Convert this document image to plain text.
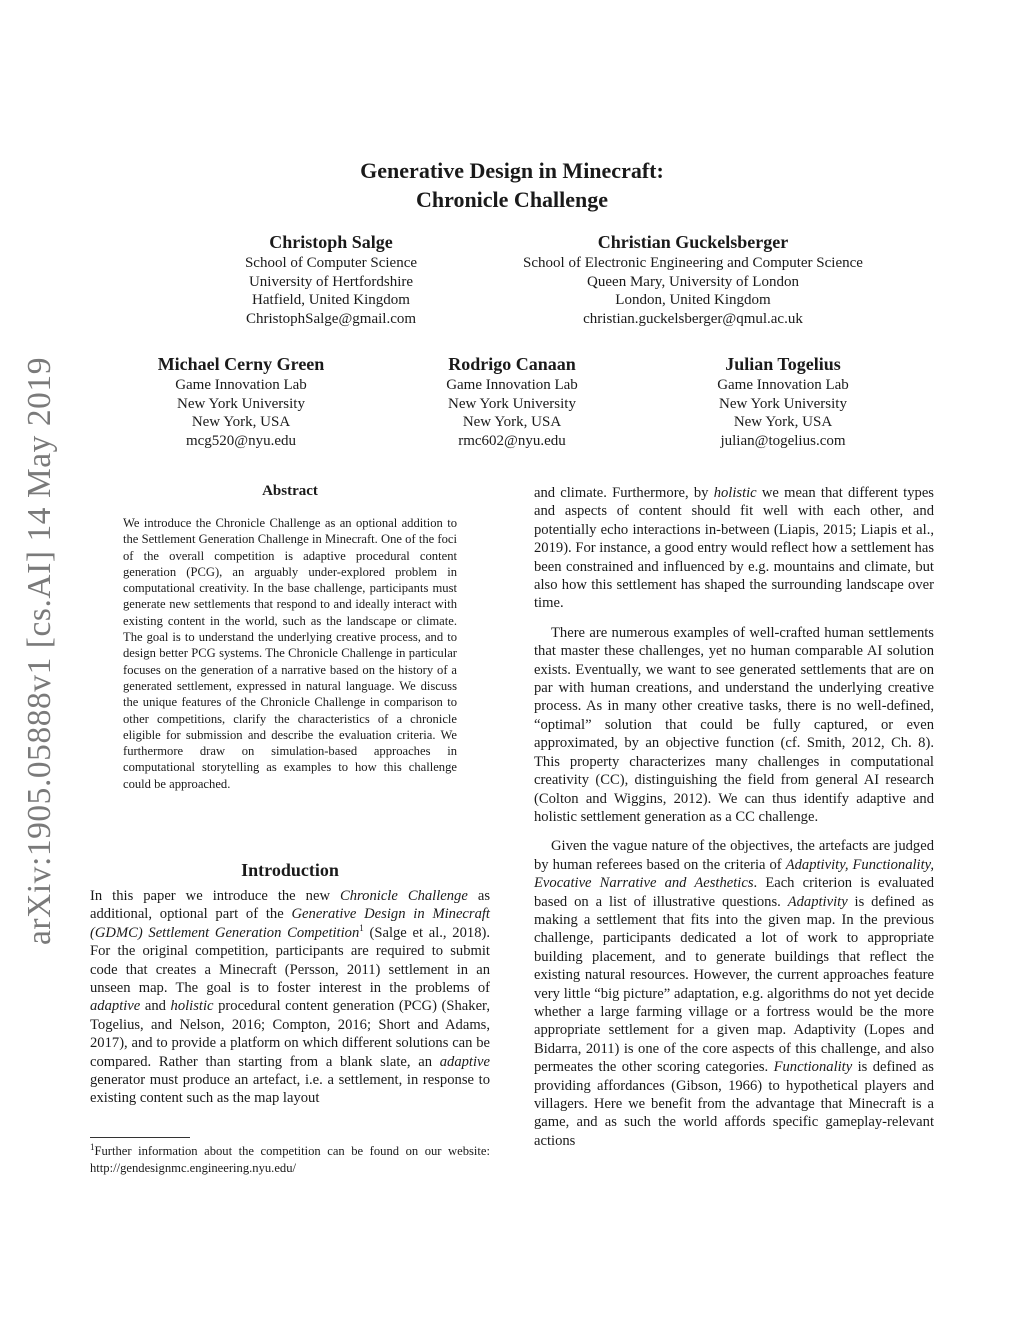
arXiv:1905.05888v1 [cs.AI] 14 May 2019
Generative Design in Minecraft:
Chronicle Challenge
Christoph Salge
School of Computer Science
University of Hertfordshire
Hatfield, United Kingdom
ChristophSalge@gmail.com
Christian Guckelsberger
School of Electronic Engineering and Computer Science
Queen Mary, University of London
London, United Kingdom
christian.guckelsberger@qmul.ac.uk
Michael Cerny Green
Game Innovation Lab
New York University
New York, USA
mcg520@nyu.edu
Rodrigo Canaan
Game Innovation Lab
New York University
New York, USA
rmc602@nyu.edu
Julian Togelius
Game Innovation Lab
New York University
New York, USA
julian@togelius.com
Abstract

We introduce the Chronicle Challenge as an optional addition to the Settlement Generation Challenge in Minecraft. One of the foci of the overall competition is adaptive procedural content generation (PCG), an arguably under-explored problem in computational creativity. In the base challenge, participants must generate new settlements that respond to and ideally interact with existing content in the world, such as the landscape or climate. The goal is to understand the underlying creative process, and to design better PCG systems. The Chronicle Challenge in particular focuses on the generation of a narrative based on the history of a generated settlement, expressed in natural language. We discuss the unique features of the Chronicle Challenge in comparison to other competitions, clarify the characteristics of a chronicle eligible for submission and describe the evaluation criteria. We furthermore draw on simulation-based approaches in computational storytelling as examples to how this challenge could be approached.

Introduction

In this paper we introduce the new Chronicle Challenge as additional, optional part of the Generative Design in Minecraft (GDMC) Settlement Generation Competition$^1$ (Salge et al., 2018). For the original competition, participants are required to submit code that creates a Minecraft (Persson, 2011) settlement in an unseen map. The goal is to foster interest in the problems of adaptive and holistic procedural content generation (PCG) (Shaker, Togelius, and Nelson, 2016; Compton, 2016; Short and Adams, 2017), and to provide a platform on which different solutions can be compared. Rather than starting from a blank slate, an adaptive generator must produce an artefact, i.e. a settlement, in response to existing content such as the map layout

$^1$Further information about the competition can be found on our website: http://gendesignmc.engineering.nyu.edu/

and climate. Furthermore, by holistic we mean that different types and aspects of content should fit well with each other, and potentially echo interactions in-between (Liapis, 2015; Liapis et al., 2019). For instance, a good entry would reflect how a settlement has been constrained and influenced by e.g. mountains and climate, but also how this settlement has shaped the surrounding landscape over time.

There are numerous examples of well-crafted human settlements that master these challenges, yet no human comparable AI solution exists. Eventually, we want to see generated settlements that are on par with human creations, and understand the underlying creative process. As in many other creative tasks, there is no well-defined, “optimal” solution that could be fully captured, or even approximated, by an objective function (cf. Smith, 2012, Ch. 8). This property characterizes many challenges in computational creativity (CC), distinguishing the field from general AI research (Colton and Wiggins, 2012). We can thus identify adaptive and holistic settlement generation as a CC challenge.

Given the vague nature of the objectives, the artefacts are judged by human referees based on the criteria of Adaptivity, Functionality, Evocative Narrative and Aesthetics. Each criterion is evaluated based on a list of illustrative questions. Adaptivity is defined as making a settlement that fits into the given map. In the previous challenge, participants dedicated a lot of work to appropriate building placement, and to generate buildings that reflect the existing natural resources. However, the current approaches feature very little “big picture” adaptation, e.g. algorithms do not yet decide whether a large farming village or a fortress would be the more appropriate settlement for a given map. Adaptivity (Lopes and Bidarra, 2011) is one of the core aspects of this challenge, and also permeates the other scoring categories. Functionality is defined as providing affordances (Gibson, 1966) to hypothetical players and villagers. Here we benefit from the advantage that Minecraft is a game, and as such the world affords specific gameplay-relevant actions
